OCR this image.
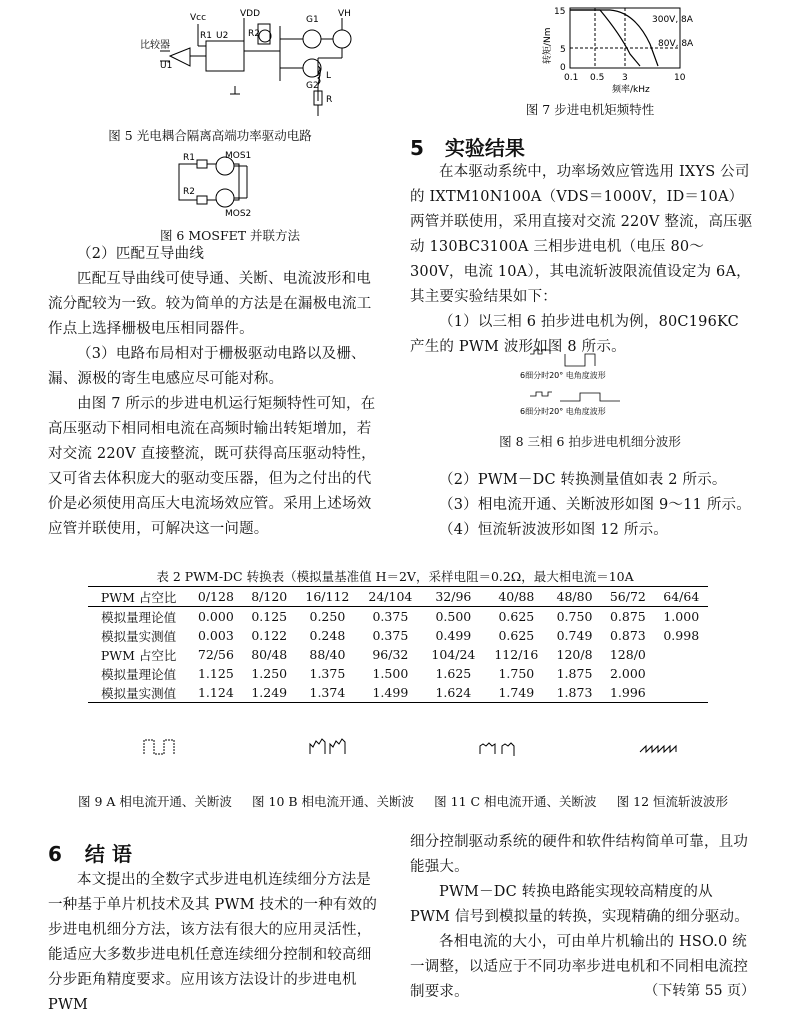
Vcc	VDD	VH
R1 U2 R2
G1
G2
比较器
U1
L
R
图 5 光电耦合隔离高端功率驱动电路
R1
R2
MOS1
MOS2
图 6 MOSFET 并联方法
15
5
0
0.1 0.5 3	10
频率/kHz
转矩/Nm
300V, 8A
80V, 8A
图 7 步进电机矩频特性
5 实验结果

在本驱动系统中，功率场效应管选用 IXYS 公司的 IXTM10N100A（VDS＝1000V，ID＝10A）两管并联使用，采用直接对交流 220V 整流，高压驱动 130BC3100A 三相步进电机（电压 80～300V，电流 10A），其电流斩波限流值设定为 6A，其主要实验结果如下：

（1）以三相 6 拍步进电机为例，80C196KC 产生的 PWM 波形如图 8 所示。

6细分时20° 电角度波形
6细分时20° 电角度波形
图 8 三相 6 拍步进电机细分波形

（2）PWM－DC 转换测量值如表 2 所示。

（3）相电流开通、关断波形如图 9～11 所示。

（4）恒流斩波波形如图 12 所示。

（2）匹配互导曲线

匹配互导曲线可使导通、关断、电流波形和电流分配较为一致。较为简单的方法是在漏极电流工作点上选择栅极电压相同器件。

（3）电路布局相对于栅极驱动电路以及栅、漏、源极的寄生电感应尽可能对称。

由图 7 所示的步进电机运行矩频特性可知，在高压驱动下相同相电流在高频时输出转矩增加，若对交流 220V 直接整流，既可获得高压驱动特性，又可省去体积庞大的驱动变压器，但为之付出的代价是必须使用高压大电流场效应管。采用上述场效应管并联使用，可解决这一问题。

表 2 PWM-DC 转换表（模拟量基准值 H＝2V，采样电阻＝0.2Ω，最大相电流＝10A
PWM 占空比	0/128	8/120	16/112	24/104	32/96	40/88	48/80	56/72	64/64
模拟量理论值	0.000	0.125	0.250	0.375	0.500	0.625	0.750	0.875	1.000
模拟量实测值	0.003	0.122	0.248	0.375	0.499	0.625	0.749	0.873	0.998
PWM 占空比	72/56	80/48	88/40	96/32	104/24	112/16	120/8	128/0	
模拟量理论值	1.125	1.250	1.375	1.500	1.625	1.750	1.875	2.000	
模拟量实测值	1.124	1.249	1.374	1.499	1.624	1.749	1.873	1.996	
图 9 A 相电流开通、关断波 图 10 B 相电流开通、关断波 图 11 C 相电流开通、关断波 图 12 恒流斩波波形
6 结 语

本文提出的全数字式步进电机连续细分方法是一种基于单片机技术及其 PWM 技术的一种有效的步进电机细分方法，该方法有很大的应用灵活性，能适应大多数步进电机任意连续细分控制和较高细分步距角精度要求。应用该方法设计的步进电机 PWM

细分控制驱动系统的硬件和软件结构简单可靠，且功能强大。

PWM－DC 转换电路能实现较高精度的从 PWM 信号到模拟量的转换，实现精确的细分驱动。

各相电流的大小，可由单片机输出的 HSO.0 统一调整，以适应于不同功率步进电机和不同相电流控制要求。	（下转第 55 页）
